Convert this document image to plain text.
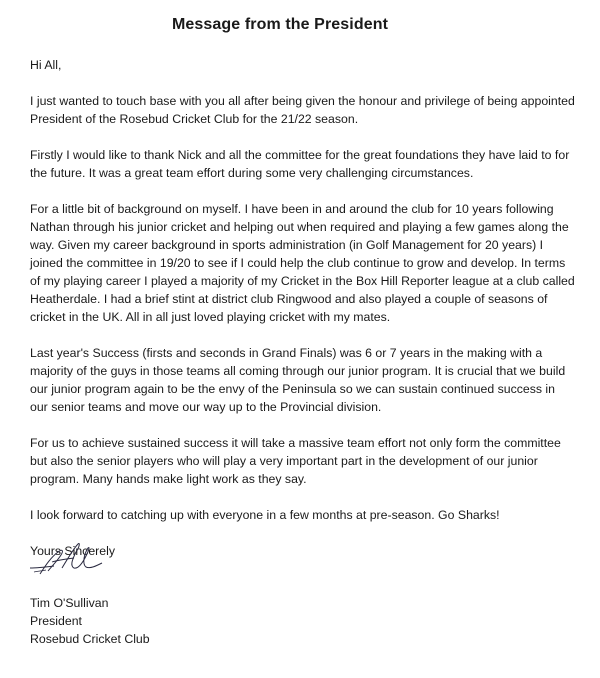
Message from the President

Hi All,

I just wanted to touch base with you all after being given the honour and privilege of being appointed President of the Rosebud Cricket Club for the 21/22 season.

Firstly I would like to thank Nick and all the committee for the great foundations they have laid to for the future. It was a great team effort during some very challenging circumstances.

For a little bit of background on myself. I have been in and around the club for 10 years following Nathan through his junior cricket and helping out when required and playing a few games along the way. Given my career background in sports administration (in Golf Management for 20 years) I joined the committee in 19/20 to see if I could help the club continue to grow and develop. In terms of my playing career I played a majority of my Cricket in the Box Hill Reporter league at a club called Heatherdale. I had a brief stint at district club Ringwood and also played a couple of seasons of cricket in the UK. All in all just loved playing cricket with my mates.

Last year's Success (firsts and seconds in Grand Finals) was 6 or 7 years in the making with a majority of the guys in those teams all coming through our junior program. It is crucial that we build our junior program again to be the envy of the Peninsula so we can sustain continued success in our senior teams and move our way up to the Provincial division.

For us to achieve sustained success it will take a massive team effort not only form the committee but also the senior players who will play a very important part in the development of our junior program. Many hands make light work as they say.

I look forward to catching up with everyone in a few months at pre-season. Go Sharks!

Yours Sincerely

Tim O'Sullivan
President
Rosebud Cricket Club
